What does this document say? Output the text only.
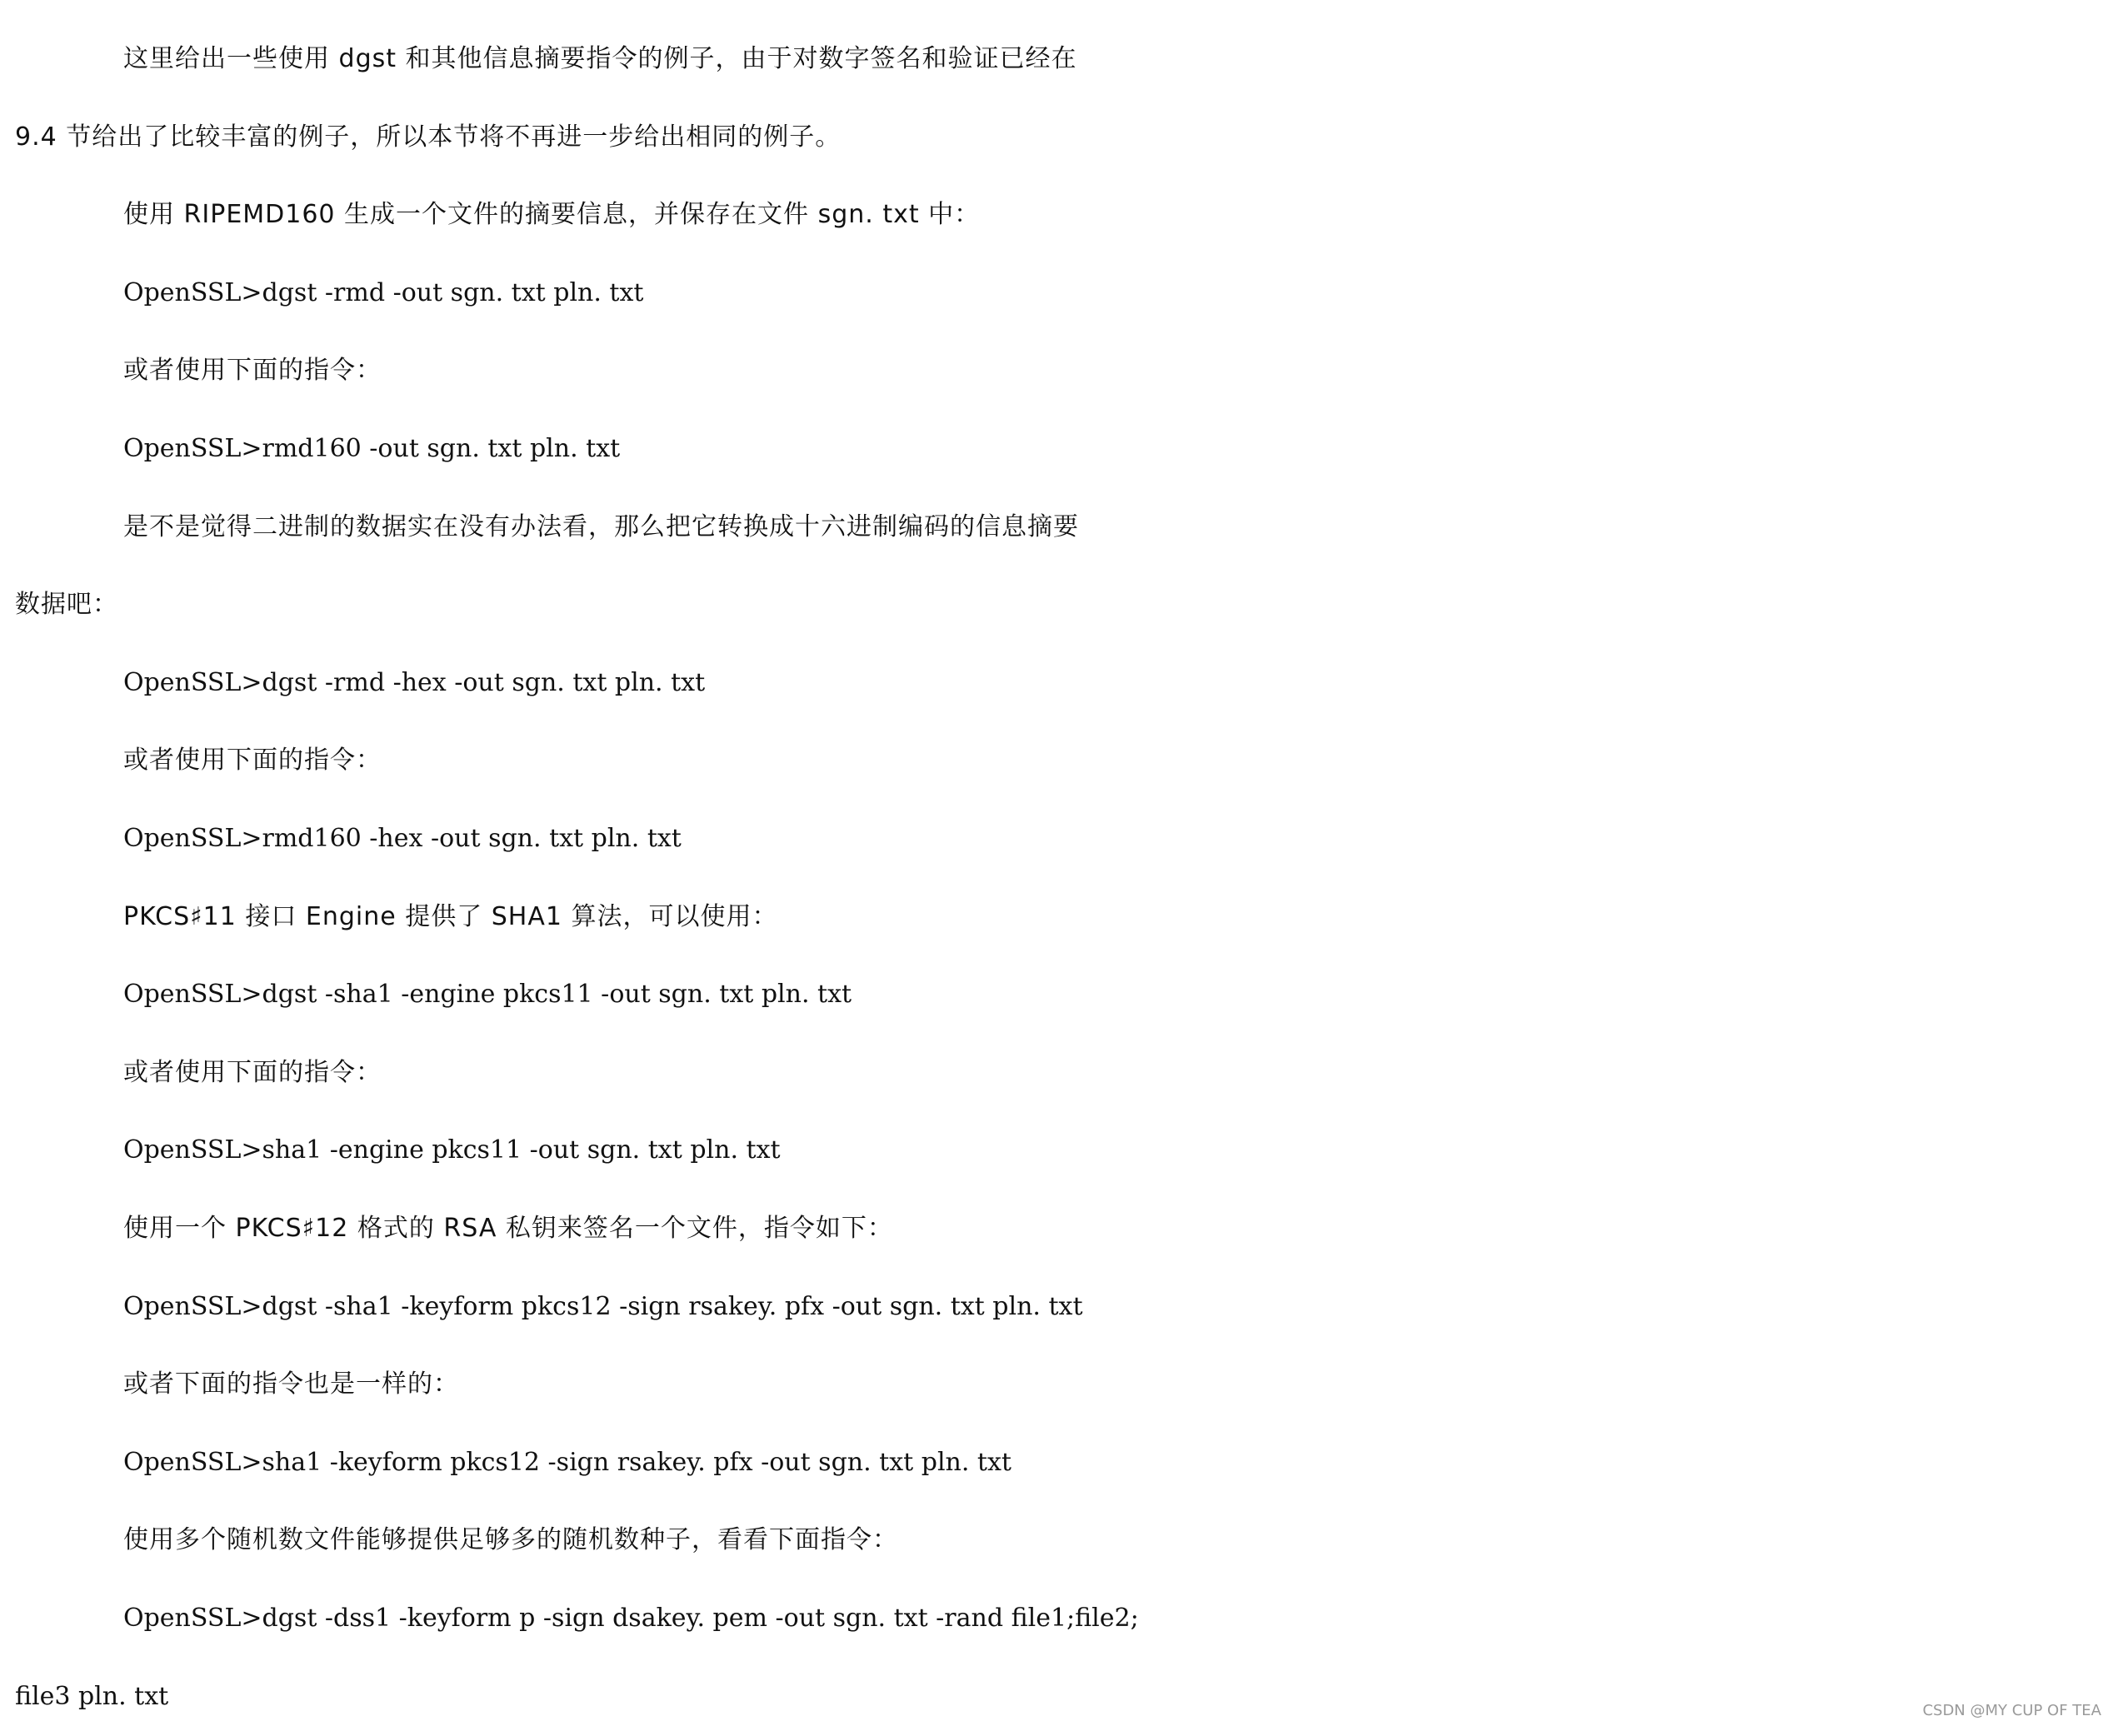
这里给出一些使用 dgst 和其他信息摘要指令的例子，由于对数字签名和验证已经在
9.4 节给出了比较丰富的例子，所以本节将不再进一步给出相同的例子。
使用 RIPEMD160 生成一个文件的摘要信息，并保存在文件 sgn. txt 中：
OpenSSL>dgst -rmd -out sgn. txt pln. txt
或者使用下面的指令：
OpenSSL>rmd160 -out sgn. txt pln. txt
是不是觉得二进制的数据实在没有办法看，那么把它转换成十六进制编码的信息摘要
数据吧：
OpenSSL>dgst -rmd -hex -out sgn. txt pln. txt
或者使用下面的指令：
OpenSSL>rmd160 -hex -out sgn. txt pln. txt
PKCS♯11 接口 Engine 提供了 SHA1 算法，可以使用：
OpenSSL>dgst -sha1 -engine pkcs11 -out sgn. txt pln. txt
或者使用下面的指令：
OpenSSL>sha1 -engine pkcs11 -out sgn. txt pln. txt
使用一个 PKCS♯12 格式的 RSA 私钥来签名一个文件，指令如下：
OpenSSL>dgst -sha1 -keyform pkcs12 -sign rsakey. pfx -out sgn. txt pln. txt
或者下面的指令也是一样的：
OpenSSL>sha1 -keyform pkcs12 -sign rsakey. pfx -out sgn. txt pln. txt
使用多个随机数文件能够提供足够多的随机数种子，看看下面指令：
OpenSSL>dgst -dss1 -keyform p -sign dsakey. pem -out sgn. txt -rand file1;file2;
file3 pln. txt	CSDN @MY CUP OF TEA
